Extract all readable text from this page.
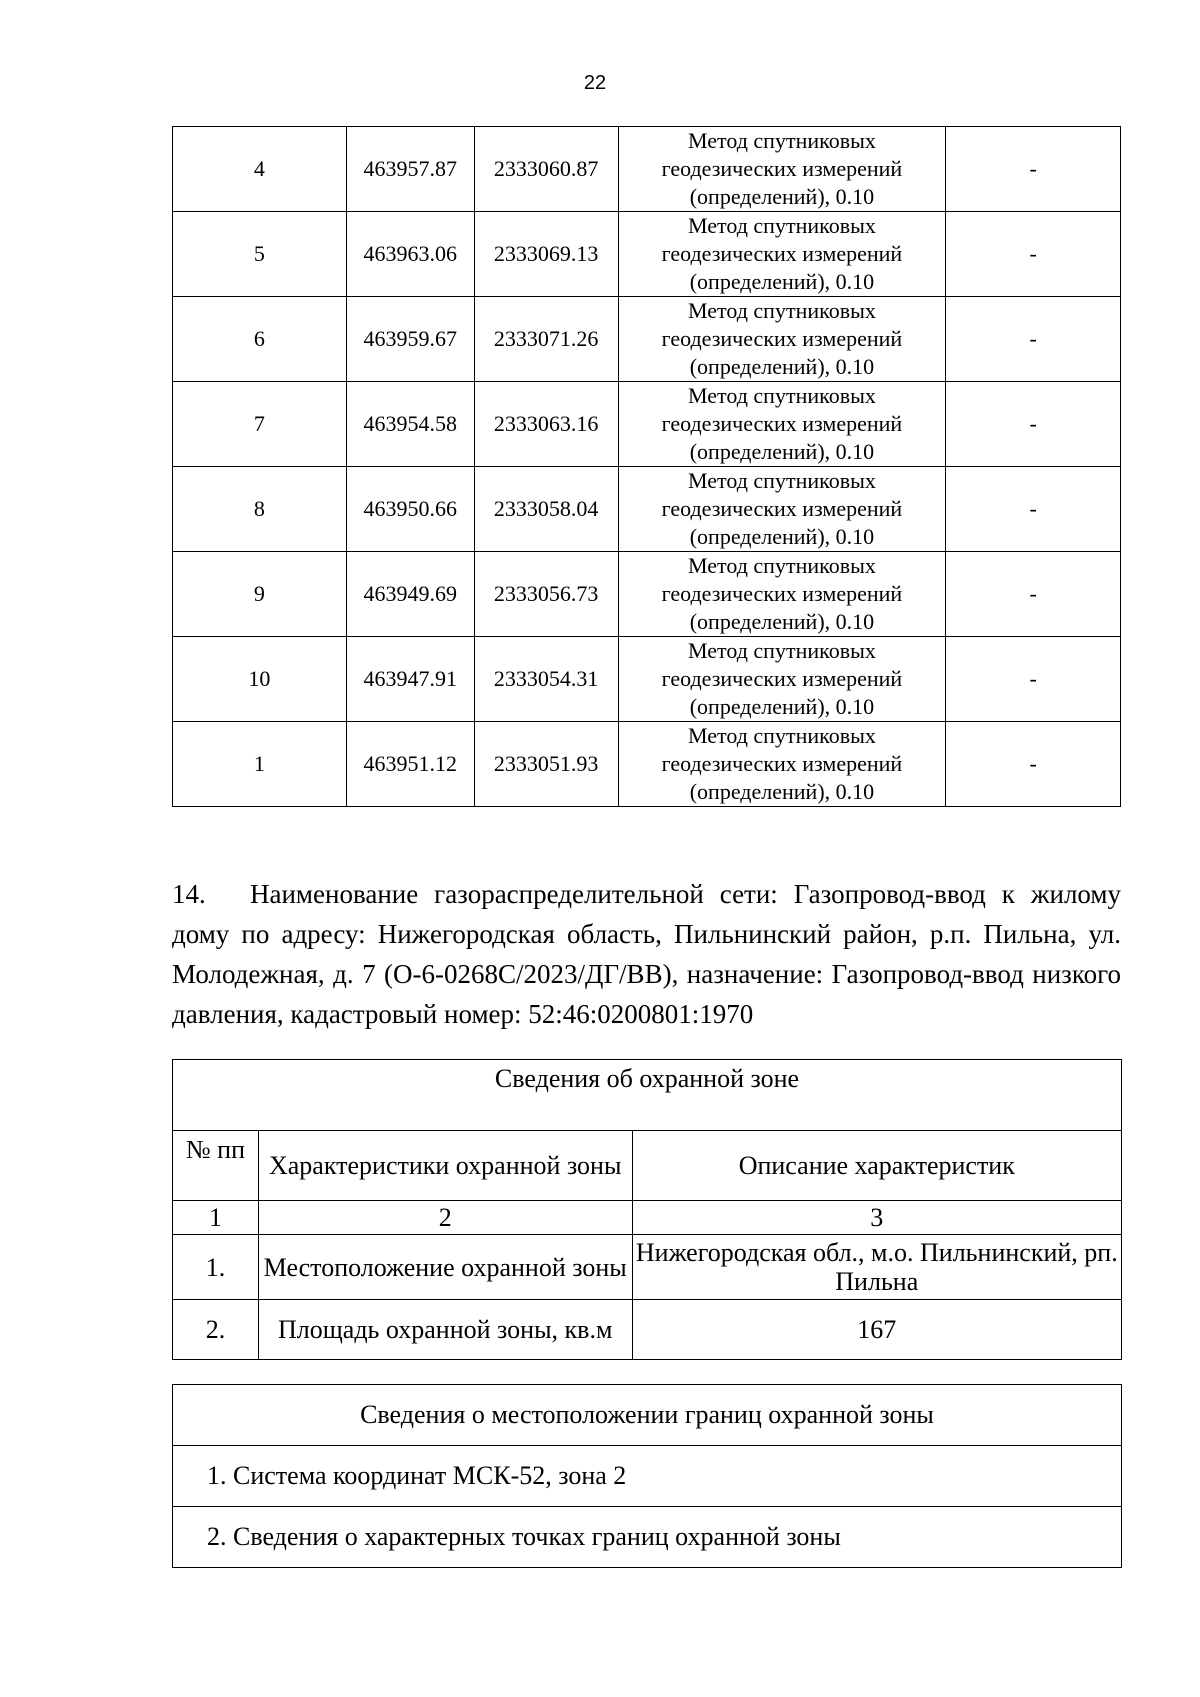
22
4	463957.87	2333060.87	Метод спутниковых
геодезических измерений
(определений), 0.10	-
5	463963.06	2333069.13	Метод спутниковых
геодезических измерений
(определений), 0.10	-
6	463959.67	2333071.26	Метод спутниковых
геодезических измерений
(определений), 0.10	-
7	463954.58	2333063.16	Метод спутниковых
геодезических измерений
(определений), 0.10	-
8	463950.66	2333058.04	Метод спутниковых
геодезических измерений
(определений), 0.10	-
9	463949.69	2333056.73	Метод спутниковых
геодезических измерений
(определений), 0.10	-
10	463947.91	2333054.31	Метод спутниковых
геодезических измерений
(определений), 0.10	-
1	463951.12	2333051.93	Метод спутниковых
геодезических измерений
(определений), 0.10	-
14. Наименование газораспределительной сети: Газопровод-ввод к жилому дому по адресу: Нижегородская область, Пильнинский район, р.п. Пильна, ул. Молодежная, д. 7 (О-6-0268С/2023/ДГ/ВВ), назначение: Газопровод-ввод низкого давления, кадастровый номер: 52:46:0200801:1970
Сведения об охранной зоне		
№ пп	Характеристики охранной зоны	Описание характеристик
1	2	3
1.	Местоположение охранной зоны	Нижегородская обл., м.о. Пильнинский, рп. Пильна
2.	Площадь охранной зоны, кв.м	167
Сведения о местоположении границ охранной зоны
1. Система координат МСК-52, зона 2
2. Сведения о характерных точках границ охранной зоны
